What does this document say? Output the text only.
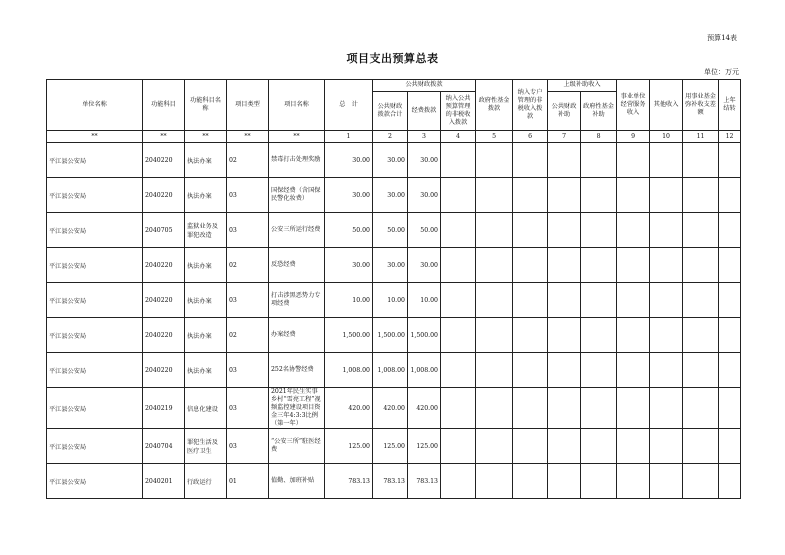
预算14表
项目支出预算总表
单位：万元
单位名称	功能科目	功能科目名称	项目类型	项目名称	总　计	公共财政拨款			政府性基金拨款	纳入专户管理的非税收入拨款	上级补助收入		事业单位经营服务收入	其他收入	用事业基金弥补收支差额	上年结转
						公共财政拨款合计	经费拨款	纳入公共预算管理的非税收入拨款			公共财政补助	政府性基金补助				
**	**	**	**	**	1	2	3	4	5	6	7	8	9	10	11	12
平江县公安局	2040220	执法办案	02	禁毒打击处理奖励	30.00	30.00	30.00									
平江县公安局	2040220	执法办案	03	国保经费（含国保民警化妆费）	30.00	30.00	30.00									
平江县公安局	2040705	监狱业务及罪犯改造	03	公安三所运行经费	50.00	50.00	50.00									
平江县公安局	2040220	执法办案	02	反恐经费	30.00	30.00	30.00									
平江县公安局	2040220	执法办案	03	打击涉黑恶势力专项经费	10.00	10.00	10.00									
平江县公安局	2040220	执法办案	02	办案经费	1,500.00	1,500.00	1,500.00									
平江县公安局	2040220	执法办案	03	252名协警经费	1,008.00	1,008.00	1,008.00									
平江县公安局	2040219	信息化建设	03	2021年民生实事乡村“雪亮工程”视频监控建设项目资金三年4:3:3比例（第一年）	420.00	420.00	420.00									
平江县公安局	2040704	罪犯生活及医疗卫生	03	“公安三所”駐医经费	125.00	125.00	125.00									
平江县公安局	2040201	行政运行	01	值勤、加班补贴	783.13	783.13	783.13									
